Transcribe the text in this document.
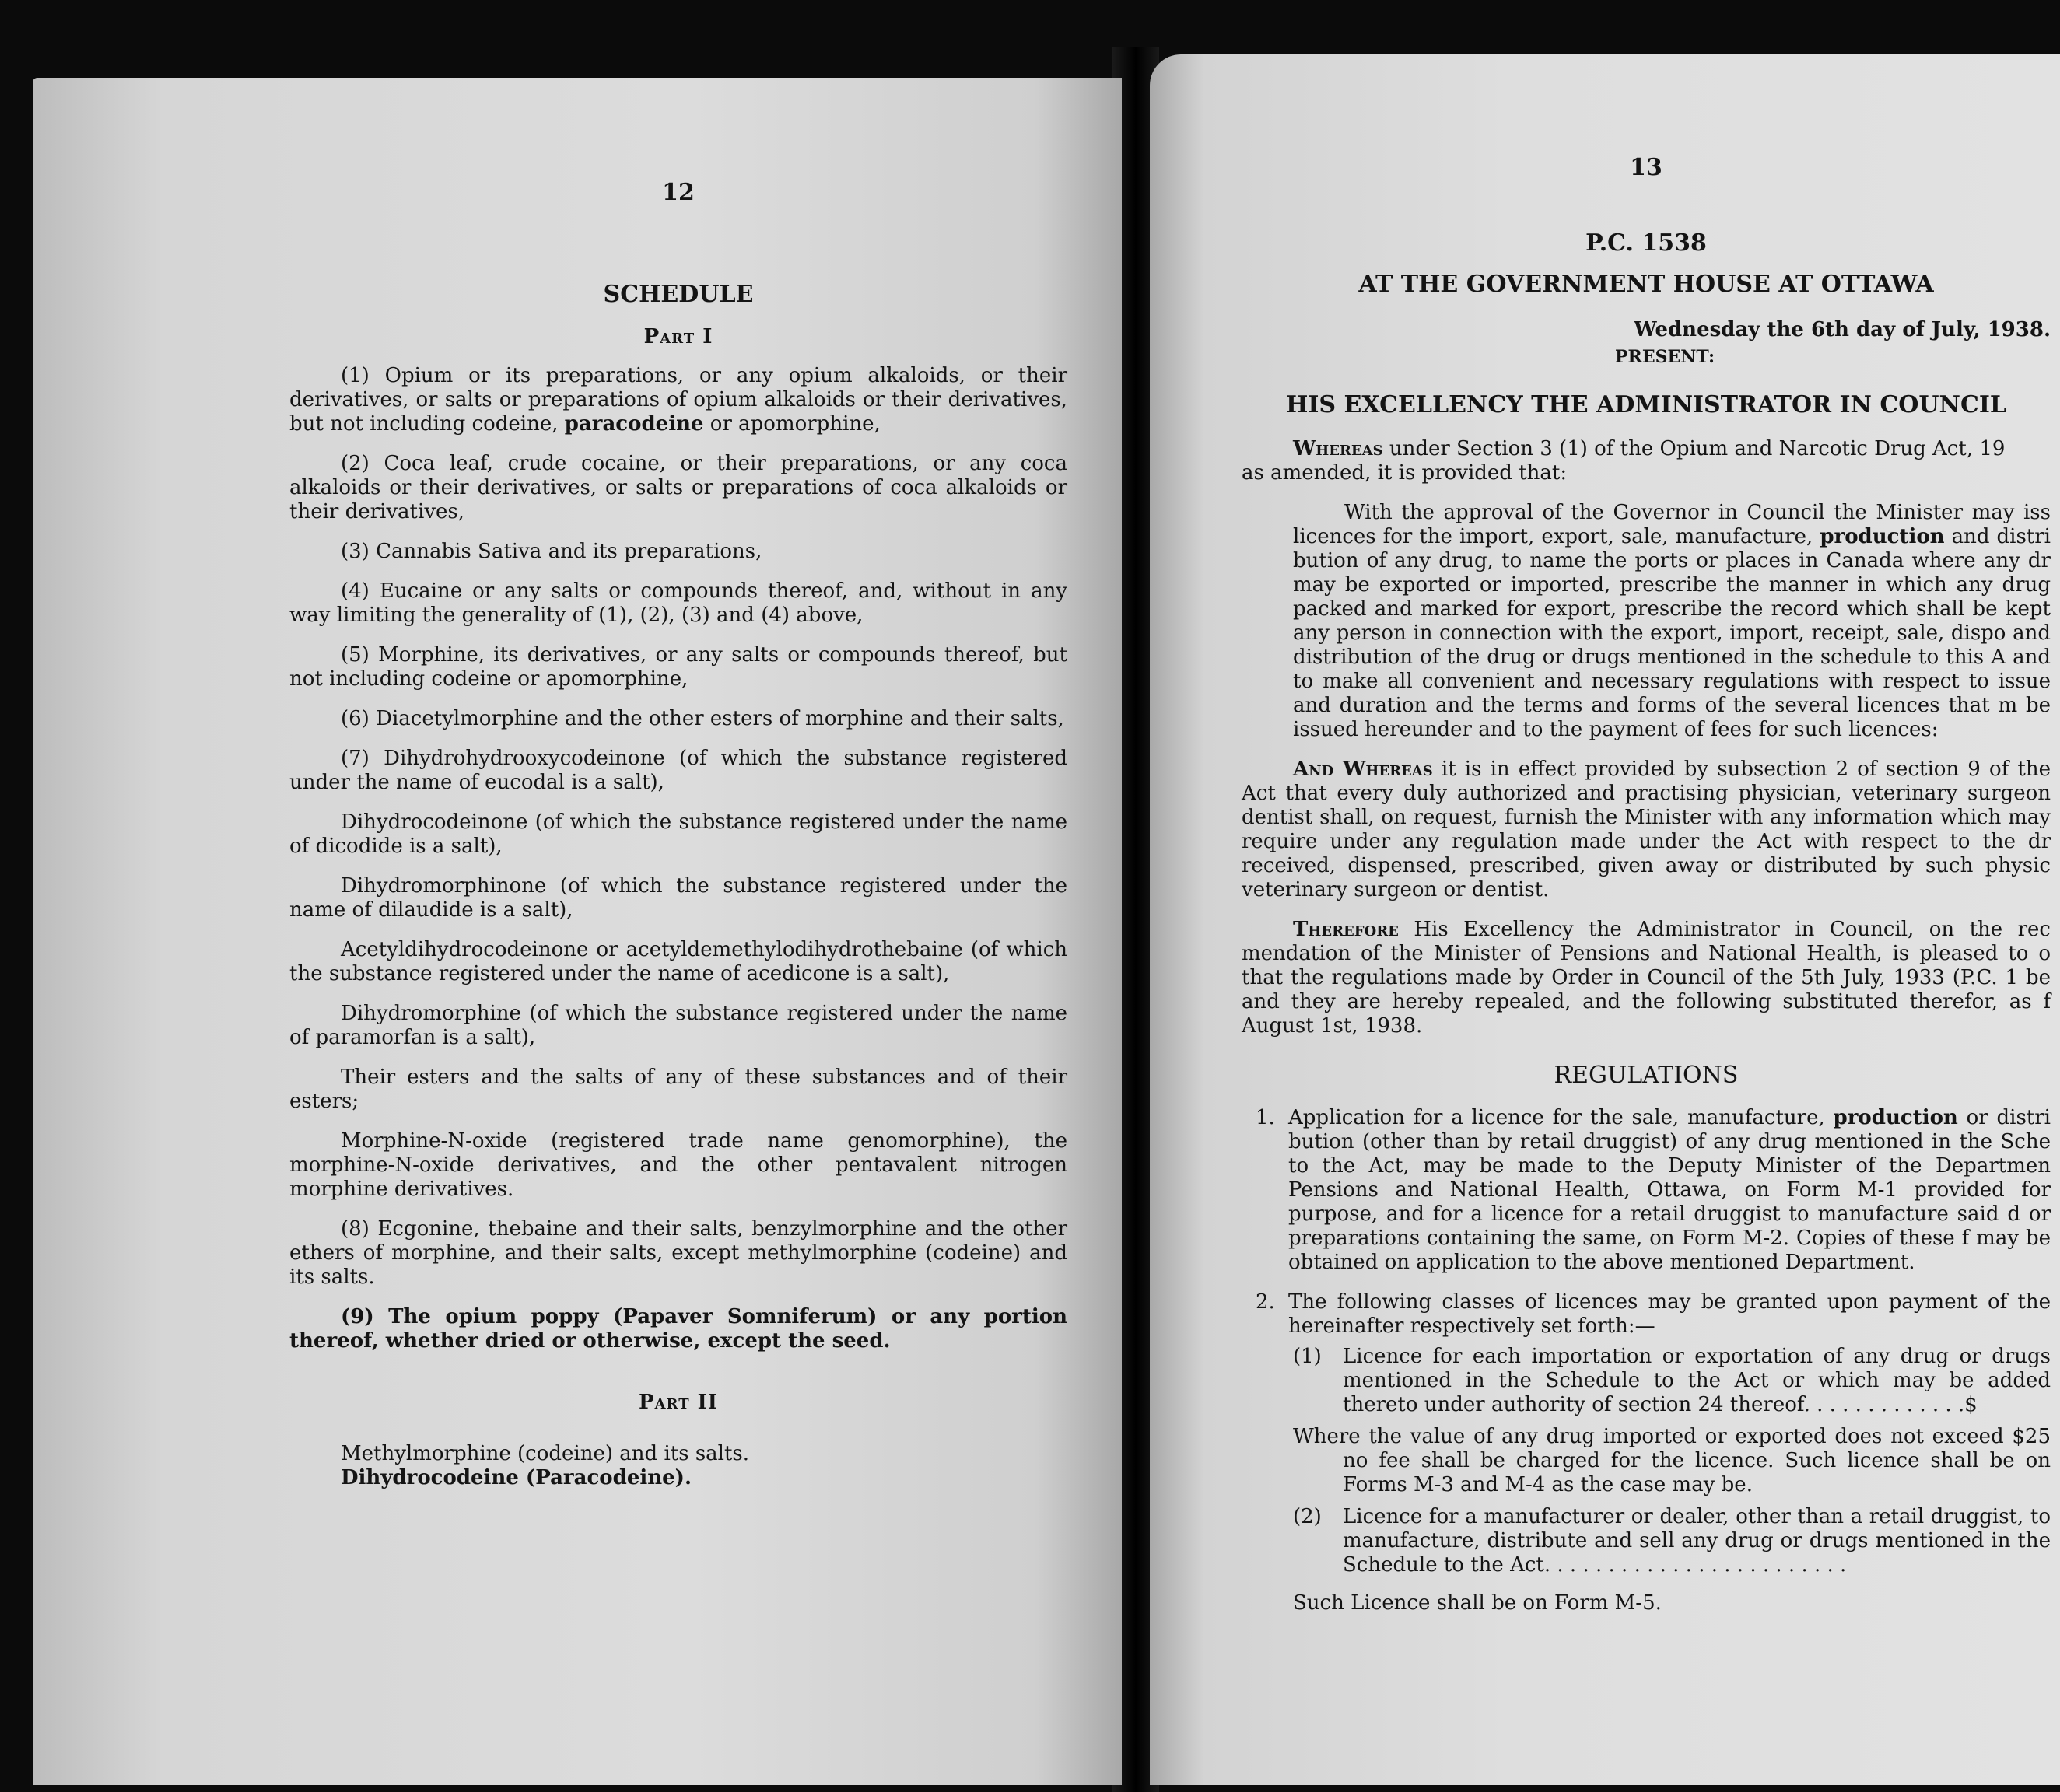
12
SCHEDULE
Part I

(1) Opium or its preparations, or any opium alkaloids, or their derivatives, or salts or preparations of opium alkaloids or their derivatives, but not including codeine, paracodeine or apomorphine,

(2) Coca leaf, crude cocaine, or their preparations, or any coca alkaloids or their derivatives, or salts or preparations of coca alkaloids or their derivatives,

(3) Cannabis Sativa and its preparations,

(4) Eucaine or any salts or compounds thereof, and, without in any way limiting the generality of (1), (2), (3) and (4) above,

(5) Morphine, its derivatives, or any salts or compounds thereof, but not including codeine or apomorphine,

(6) Diacetylmorphine and the other esters of morphine and their salts,

(7) Dihydrohydrooxycodeinone (of which the substance registered under the name of eucodal is a salt),

Dihydrocodeinone (of which the substance registered under the name of dicodide is a salt),

Dihydromorphinone (of which the substance registered under the name of dilaudide is a salt),

Acetyldihydrocodeinone or acetyldemethylodihydrothebaine (of which the substance registered under the name of acedicone is a salt),

Dihydromorphine (of which the substance registered under the name of paramorfan is a salt),

Their esters and the salts of any of these substances and of their esters;

Morphine-N-oxide (registered trade name genomorphine), the morphine-N-oxide derivatives, and the other pentavalent nitrogen morphine derivatives.

(8) Ecgonine, thebaine and their salts, benzylmorphine and the other ethers of morphine, and their salts, except methylmorphine (codeine) and its salts.

(9) The opium poppy (Papaver Somniferum) or any portion thereof, whether dried or otherwise, except the seed.

Part II

Methylmorphine (codeine) and its salts.

Dihydrocodeine (Paracodeine).

13
P.C. 1538
AT THE GOVERNMENT HOUSE AT OTTAWA

Wednesday the 6th day of July, 1938.

PRESENT:

HIS EXCELLENCY THE ADMINISTRATOR IN COUNCIL

Whereas under Section 3 (1) of the Opium and Narcotic Drug Act, 19

as amended, it is provided that:

With the approval of the Governor in Council the Minister may iss licences for the import, export, sale, manufacture, production and distri bution of any drug, to name the ports or places in Canada where any dr may be exported or imported, prescribe the manner in which any drug packed and marked for export, prescribe the record which shall be kept any person in connection with the export, import, receipt, sale, dispo and distribution of the drug or drugs mentioned in the schedule to this A and to make all convenient and necessary regulations with respect to issue and duration and the terms and forms of the several licences that m be issued hereunder and to the payment of fees for such licences:

And Whereas it is in effect provided by subsection 2 of section 9 of the Act that every duly authorized and practising physician, veterinary surgeon dentist shall, on request, furnish the Minister with any information which may require under any regulation made under the Act with respect to the dr received, dispensed, prescribed, given away or distributed by such physic veterinary surgeon or dentist.

Therefore His Excellency the Administrator in Council, on the rec mendation of the Minister of Pensions and National Health, is pleased to o that the regulations made by Order in Council of the 5th July, 1933 (P.C. 1 be and they are hereby repealed, and the following substituted therefor, as f August 1st, 1938.

REGULATIONS

1. Application for a licence for the sale, manufacture, production or distri bution (other than by retail druggist) of any drug mentioned in the Sche to the Act, may be made to the Deputy Minister of the Departmen Pensions and National Health, Ottawa, on Form M-1 provided for purpose, and for a licence for a retail druggist to manufacture said d or preparations containing the same, on Form M-2. Copies of these f may be obtained on application to the above mentioned Department.

2. The following classes of licences may be granted upon payment of the hereinafter respectively set forth:—

(1) Licence for each importation or exportation of any drug or drugs mentioned in the Schedule to the Act or which may be added thereto under authority of section 24 thereof. . . . . . . . . . . . .$

Where the value of any drug imported or exported does not exceed $25 no fee shall be charged for the licence. Such licence shall be on Forms M-3 and M-4 as the case may be.

(2) Licence for a manufacturer or dealer, other than a retail druggist, to manufacture, distribute and sell any drug or drugs mentioned in the Schedule to the Act. . . . . . . . . . . . . . . . . . . . . . . .

Such Licence shall be on Form M-5.
